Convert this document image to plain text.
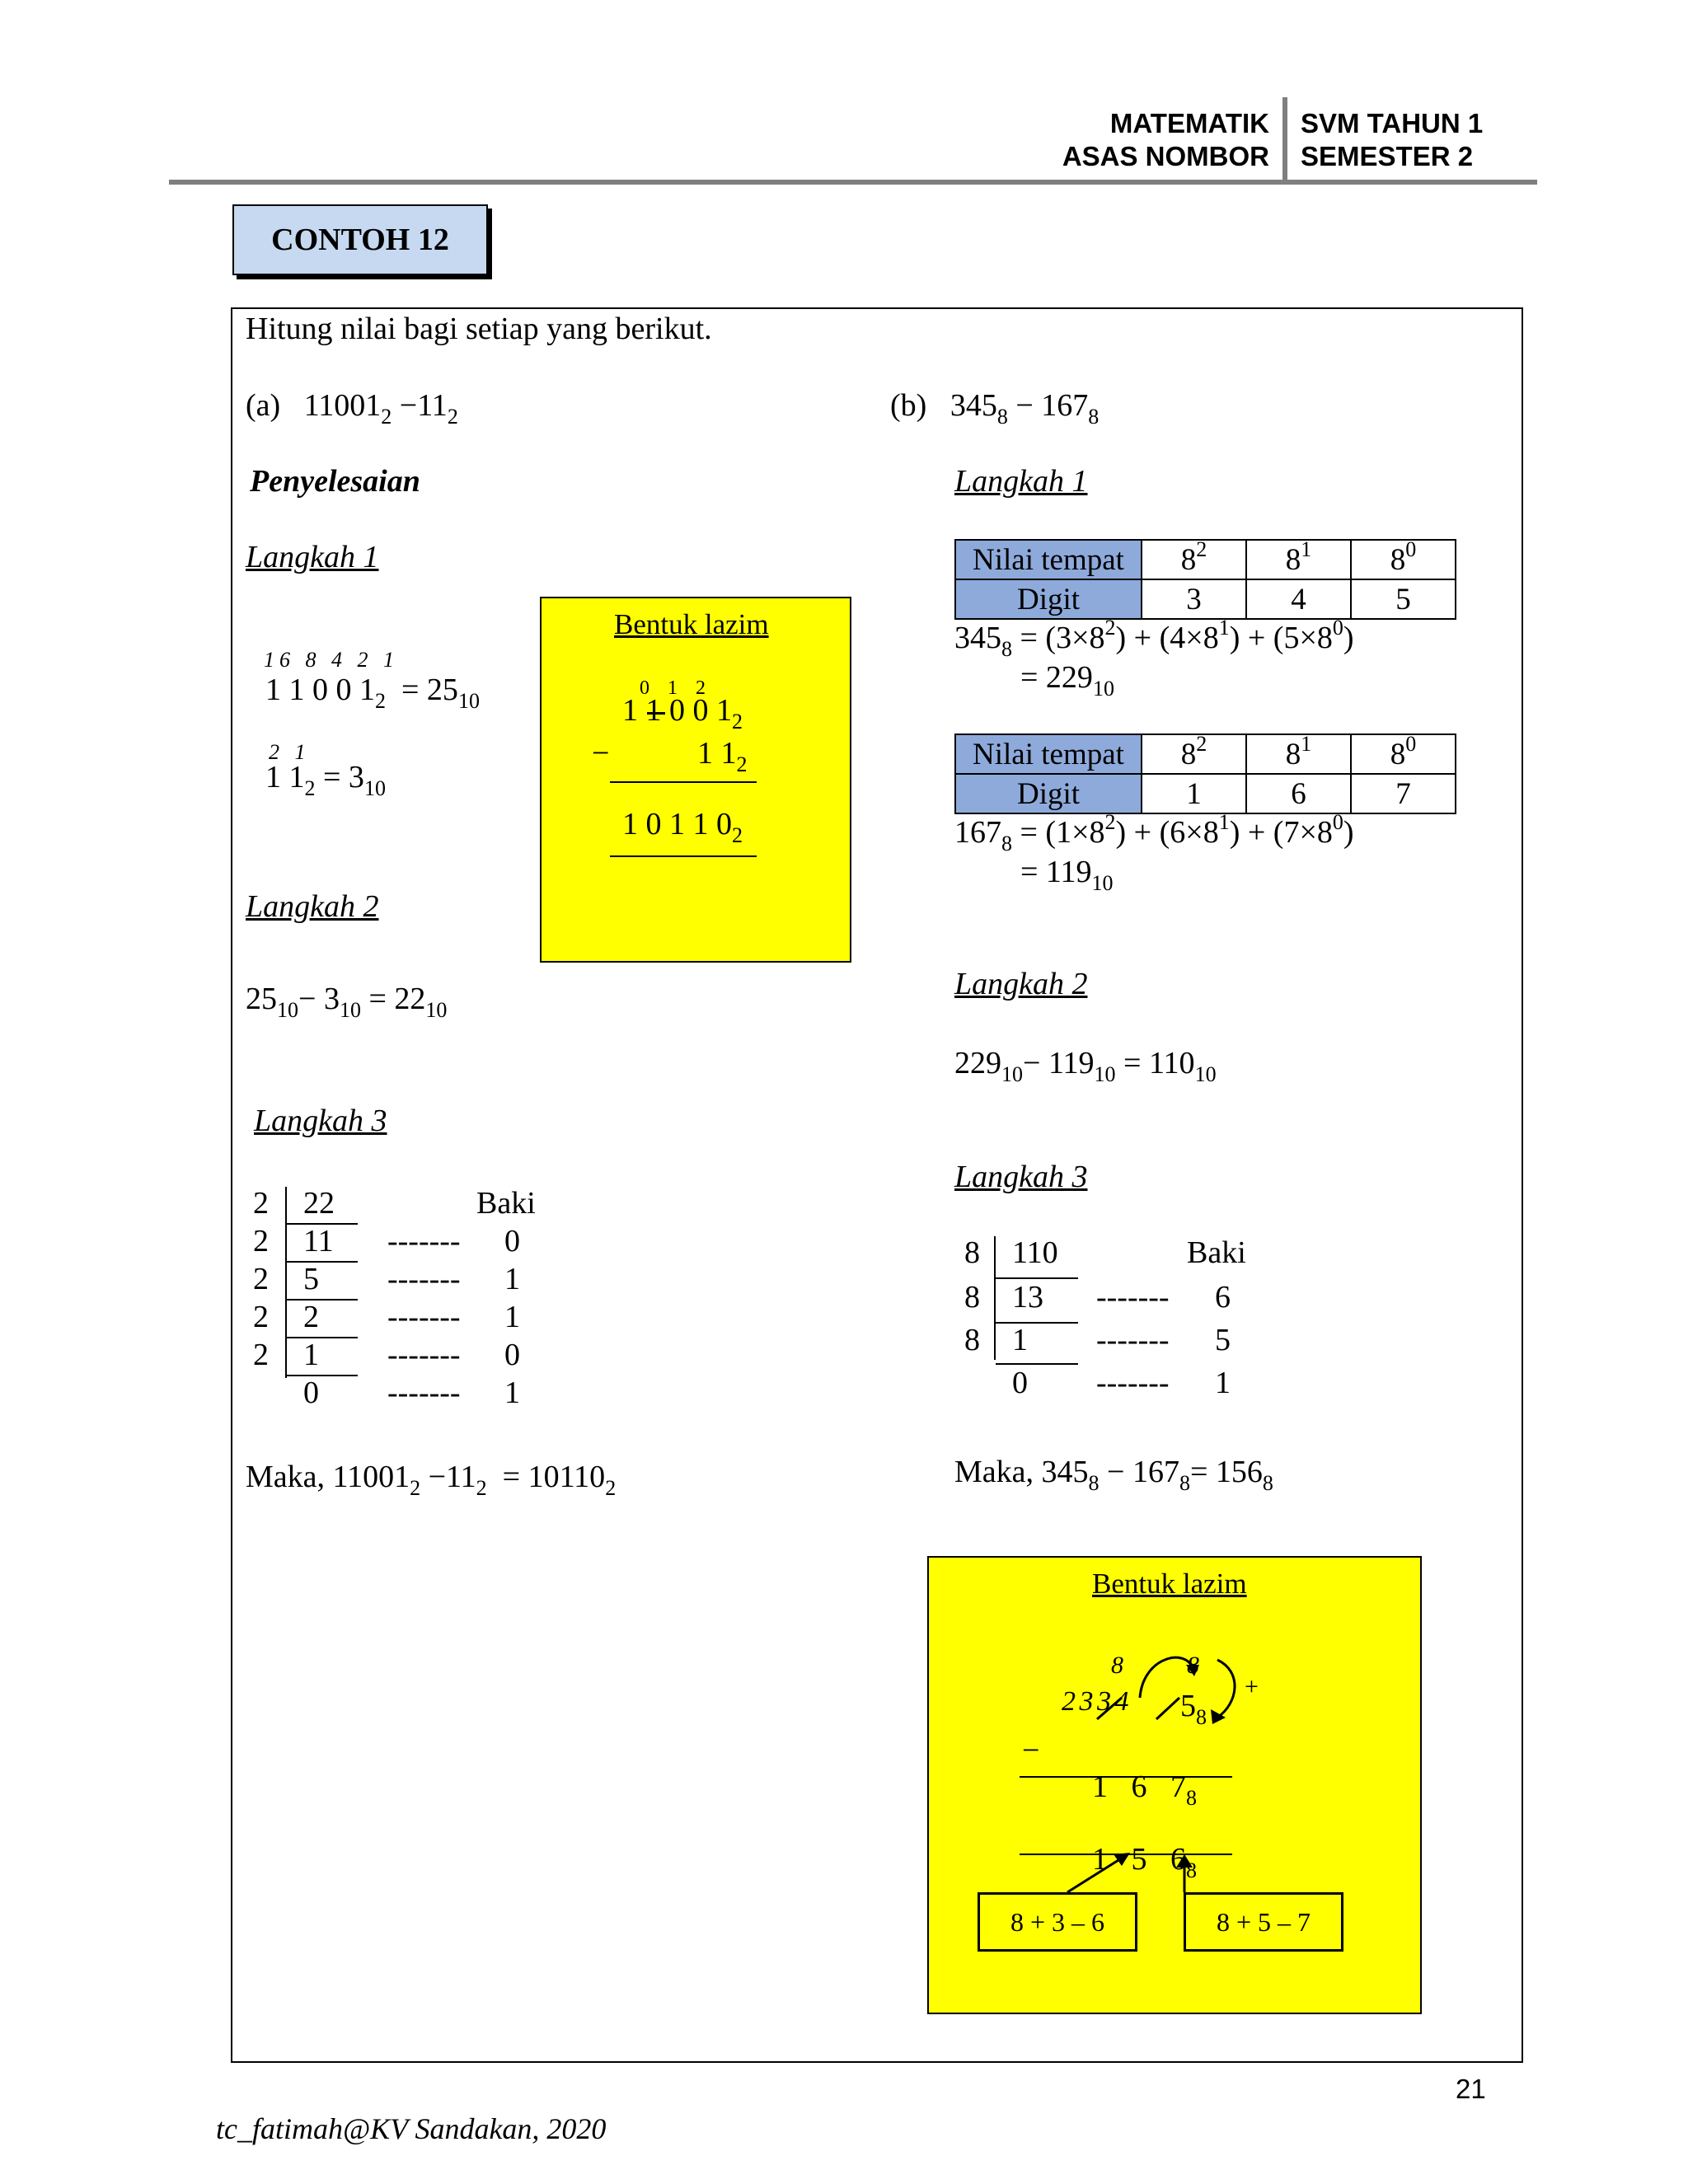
MATEMATIK
ASAS NOMBOR
SVM TAHUN 1
SEMESTER 2
CONTOH 12
Hitung nilai bagi setiap yang berikut.
(a) $11001_2 -11_2$
Penyelesaian
Langkah 1
16 8 4 2 1
1 1 0 0 $1_2 = 25_{10}$
2 1
1 $1_2 = 3_{10}$
Bentuk lazim
0 1 2
1 1 0 0 $1_2$
−	1 $1_2$
1 0 1 1 $0_2$
Langkah 2
$25_{10}- 3_{10} = 22_{10}$
Langkah 3
Baki
2 22
2 11 ------- 0
2 5 ------- 1
2 2 ------- 1
2 1 ------- 0
0 ------- 1
Maka, $11001_2 -11_2 = 10110_2$
(b) $345_8 - 167_8$
Langkah 1
Nilai tempat	$8^2$	$8^1$	$8^0$
Digit	3	4	5
$345_8 = (3\times 8^2) + (4\times 8^1) + (5\times 8^0)$
= $229_{10}$
Nilai tempat	$8^2$	$8^1$	$8^0$
Digit	1	6	7
$167_8 = (1\times 8^2) + (6\times 8^1) + (7\times 8^0)$
= $119_{10}$
Langkah 2
$229_{10}- 119_{10} = 110_{10}$
Langkah 3
Baki
8 110
8 13 ------- 6
8 1 ------- 5
0 ------- 1
Maka, $345_8 - 167_8= 156_8$
Bentuk lazim
8	8
2 3 3 4 $5_8$
+
−

1   6   $7_8$

1   5   $6_8$

8 + 3 – 6	8 + 5 – 7
21
tc_fatimah@KV Sandakan, 2020
